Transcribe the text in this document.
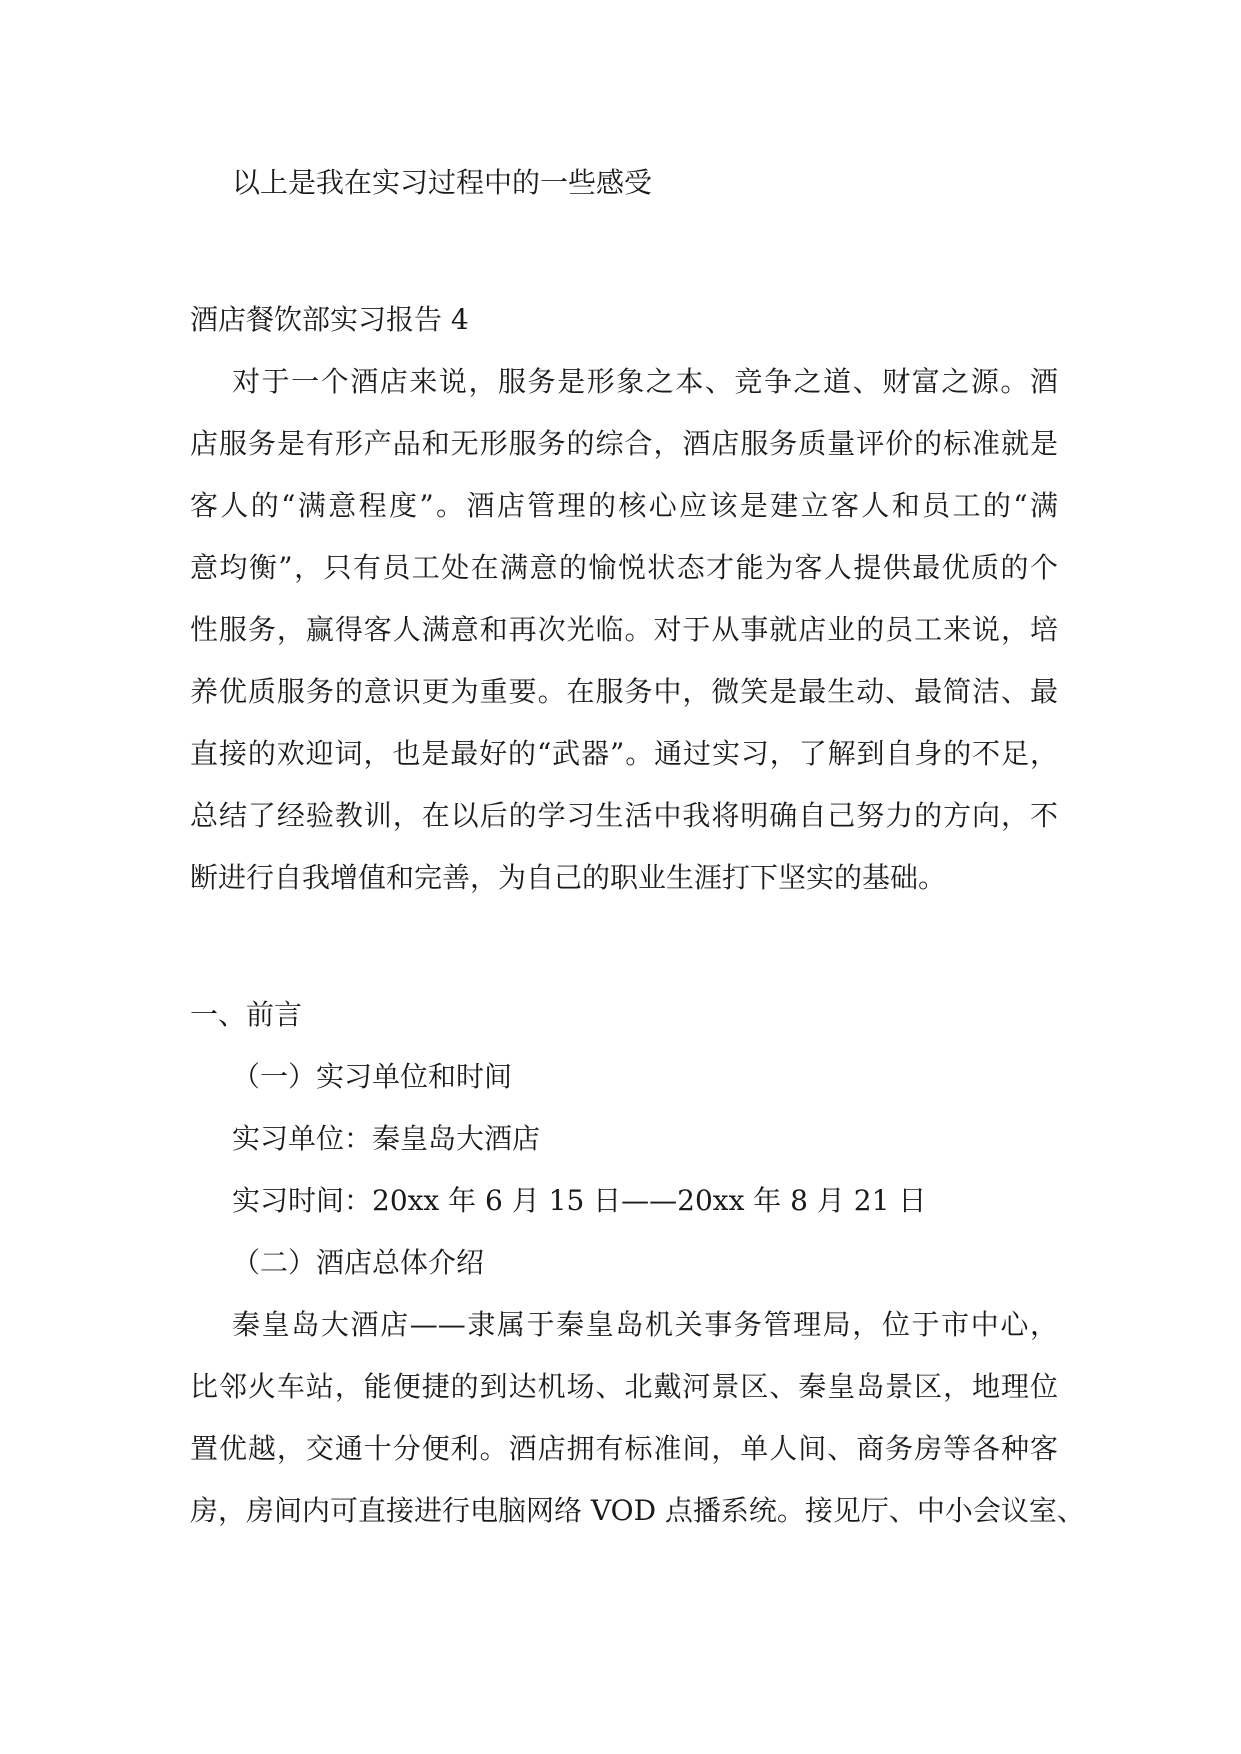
以上是我在实习过程中的一些感受
酒店餐饮部实习报告 4
对于一个酒店来说，服务是形象之本、竞争之道、财富之源。酒
店服务是有形产品和无形服务的综合，酒店服务质量评价的标准就是
客人的“满意程度”。酒店管理的核心应该是建立客人和员工的“满
意均衡”，只有员工处在满意的愉悦状态才能为客人提供最优质的个
性服务，赢得客人满意和再次光临。对于从事就店业的员工来说，培
养优质服务的意识更为重要。在服务中，微笑是最生动、最简洁、最
直接的欢迎词，也是最好的“武器”。通过实习，了解到自身的不足，
总结了经验教训，在以后的学习生活中我将明确自己努力的方向，不
断进行自我增值和完善，为自己的职业生涯打下坚实的基础。
一、前言
（一）实习单位和时间
实习单位：秦皇岛大酒店
实习时间：20xx 年 6 月 15 日——20xx 年 8 月 21 日
（二）酒店总体介绍
秦皇岛大酒店——隶属于秦皇岛机关事务管理局，位于市中心，
比邻火车站，能便捷的到达机场、北戴河景区、秦皇岛景区，地理位
置优越，交通十分便利。酒店拥有标准间，单人间、商务房等各种客
房，房间内可直接进行电脑网络 VOD 点播系统。接见厅、中小会议室、
